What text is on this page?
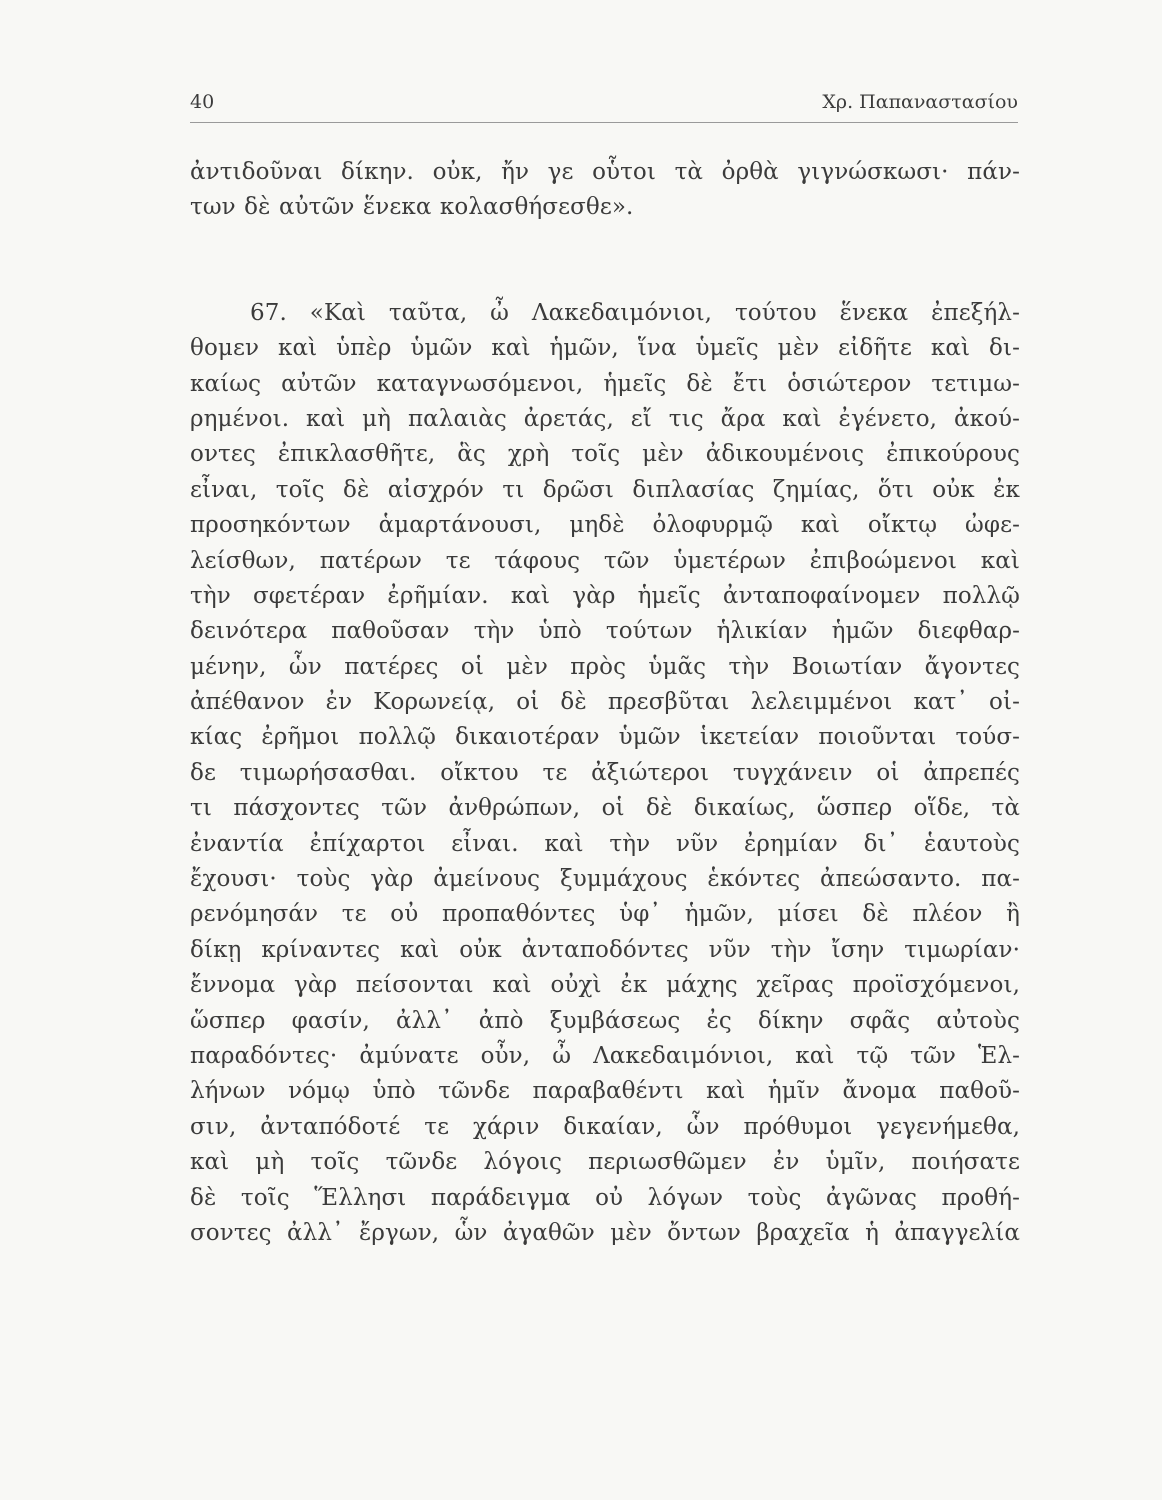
40	Χρ. Παπαναστασίου
ἀντιδοῦναι δίκην. οὐκ, ἤν γε οὗτοι τὰ ὀρθὰ γιγνώσκωσι· πάν-
των δὲ αὐτῶν ἕνεκα κολασθήσεσθε».
67. «Καὶ ταῦτα, ὦ Λακεδαιμόνιοι, τούτου ἕνεκα ἐπεξήλ-
θομεν καὶ ὑπὲρ ὑμῶν καὶ ἡμῶν, ἵνα ὑμεῖς μὲν εἰδῆτε καὶ δι-
καίως αὐτῶν καταγνωσόμενοι, ἡμεῖς δὲ ἔτι ὁσιώτερον τετιμω-
ρημένοι. καὶ μὴ παλαιὰς ἀρετάς, εἴ τις ἄρα καὶ ἐγένετο, ἀκού-
οντες ἐπικλασθῆτε, ἃς χρὴ τοῖς μὲν ἀδικουμένοις ἐπικούρους
εἶναι, τοῖς δὲ αἰσχρόν τι δρῶσι διπλασίας ζημίας, ὅτι οὐκ ἐκ
προσηκόντων ἁμαρτάνουσι, μηδὲ ὀλοφυρμῷ καὶ οἴκτῳ ὠφε-
λείσθων, πατέρων τε τάφους τῶν ὑμετέρων ἐπιβοώμενοι καὶ
τὴν σφετέραν ἐρῆμίαν. καὶ γὰρ ἡμεῖς ἀνταποφαίνομεν πολλῷ
δεινότερα παθοῦσαν τὴν ὑπὸ τούτων ἡλικίαν ἡμῶν διεφθαρ-
μένην, ὧν πατέρες οἱ μὲν πρὸς ὑμᾶς τὴν Βοιωτίαν ἄγοντες
ἀπέθανον ἐν Κορωνείᾳ, οἱ δὲ πρεσβῦται λελειμμένοι κατ᾽ οἰ-
κίας ἐρῆμοι πολλῷ δικαιοτέραν ὑμῶν ἱκετείαν ποιοῦνται τούσ-
δε τιμωρήσασθαι. οἴκτου τε ἀξιώτεροι τυγχάνειν οἱ ἀπρεπές
τι πάσχοντες τῶν ἀνθρώπων, οἱ δὲ δικαίως, ὥσπερ οἵδε, τὰ
ἐναντία ἐπίχαρτοι εἶναι. καὶ τὴν νῦν ἐρημίαν δι᾽ ἑαυτοὺς
ἔχουσι· τοὺς γὰρ ἀμείνους ξυμμάχους ἑκόντες ἀπεώσαντο. πα-
ρενόμησάν τε οὐ προπαθόντες ὑφ᾽ ἡμῶν, μίσει δὲ πλέον ἢ
δίκῃ κρίναντες καὶ οὐκ ἀνταποδόντες νῦν τὴν ἴσην τιμωρίαν·
ἔννομα γὰρ πείσονται καὶ οὐχὶ ἐκ μάχης χεῖρας προϊσχόμενοι,
ὥσπερ φασίν, ἀλλ᾽ ἀπὸ ξυμβάσεως ἐς δίκην σφᾶς αὐτοὺς
παραδόντες· ἀμύνατε οὖν, ὦ Λακεδαιμόνιοι, καὶ τῷ τῶν Ἑλ-
λήνων νόμῳ ὑπὸ τῶνδε παραβαθέντι καὶ ἡμῖν ἄνομα παθοῦ-
σιν, ἀνταπόδοτέ τε χάριν δικαίαν, ὧν πρόθυμοι γεγενήμεθα,
καὶ μὴ τοῖς τῶνδε λόγοις περιωσθῶμεν ἐν ὑμῖν, ποιήσατε
δὲ τοῖς Ἕλλησι παράδειγμα οὐ λόγων τοὺς ἀγῶνας προθή-
σοντες ἀλλ᾽ ἔργων, ὧν ἀγαθῶν μὲν ὄντων βραχεῖα ἡ ἀπαγγελία
